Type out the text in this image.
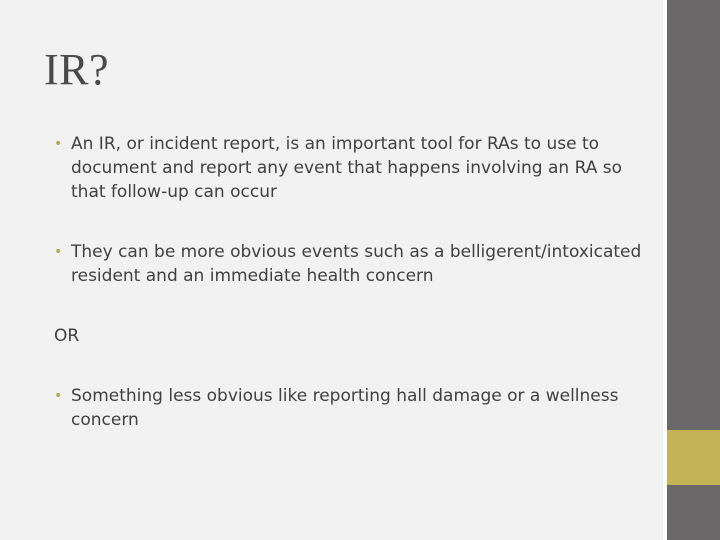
IR?

• An IR, or incident report, is an important tool for RAs to use to document and report any event that happens involving an RA so that follow-up can occur

• They can be more obvious events such as a belligerent/intoxicated resident and an immediate health concern

OR

• Something less obvious like reporting hall damage or a wellness concern
